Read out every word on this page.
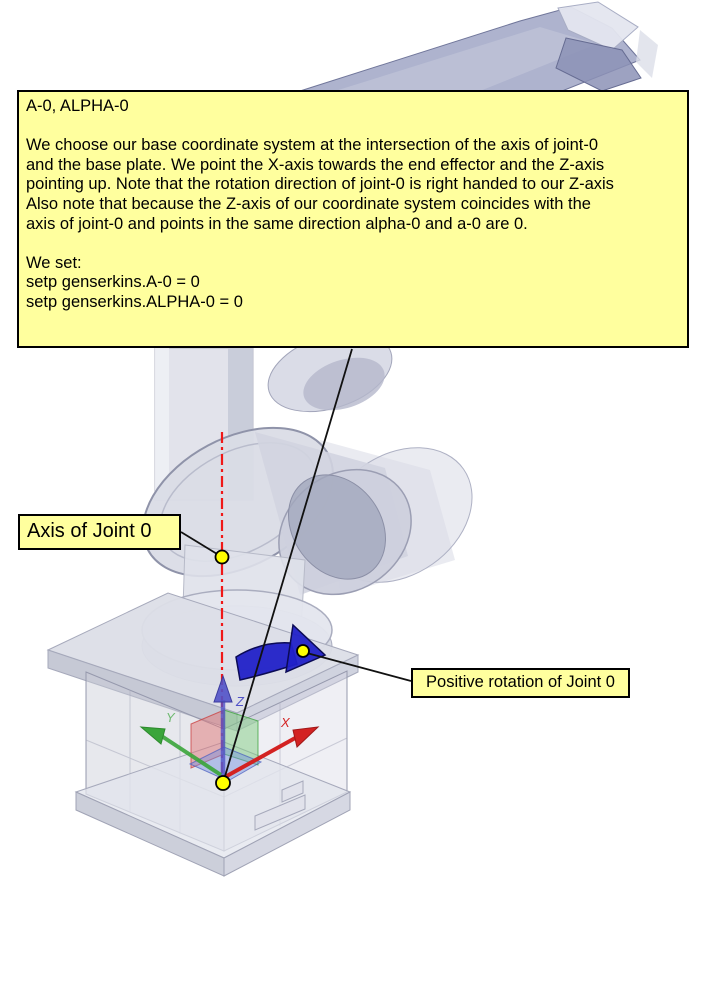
Z
X
Y
A-0, ALPHA-0
We choose our base coordinate system at the intersection of the axis of joint-0
and the base plate. We point the X-axis towards the end effector and the Z-axis
pointing up. Note that the rotation direction of joint-0 is right handed to our Z-axis
Also note that because the Z-axis of our coordinate system coincides with the
axis of joint-0 and points in the same direction alpha-0 and a-0 are 0.
We set:
setp genserkins.A-0 = 0
setp genserkins.ALPHA-0 = 0
Axis of Joint 0
Positive rotation of Joint 0
